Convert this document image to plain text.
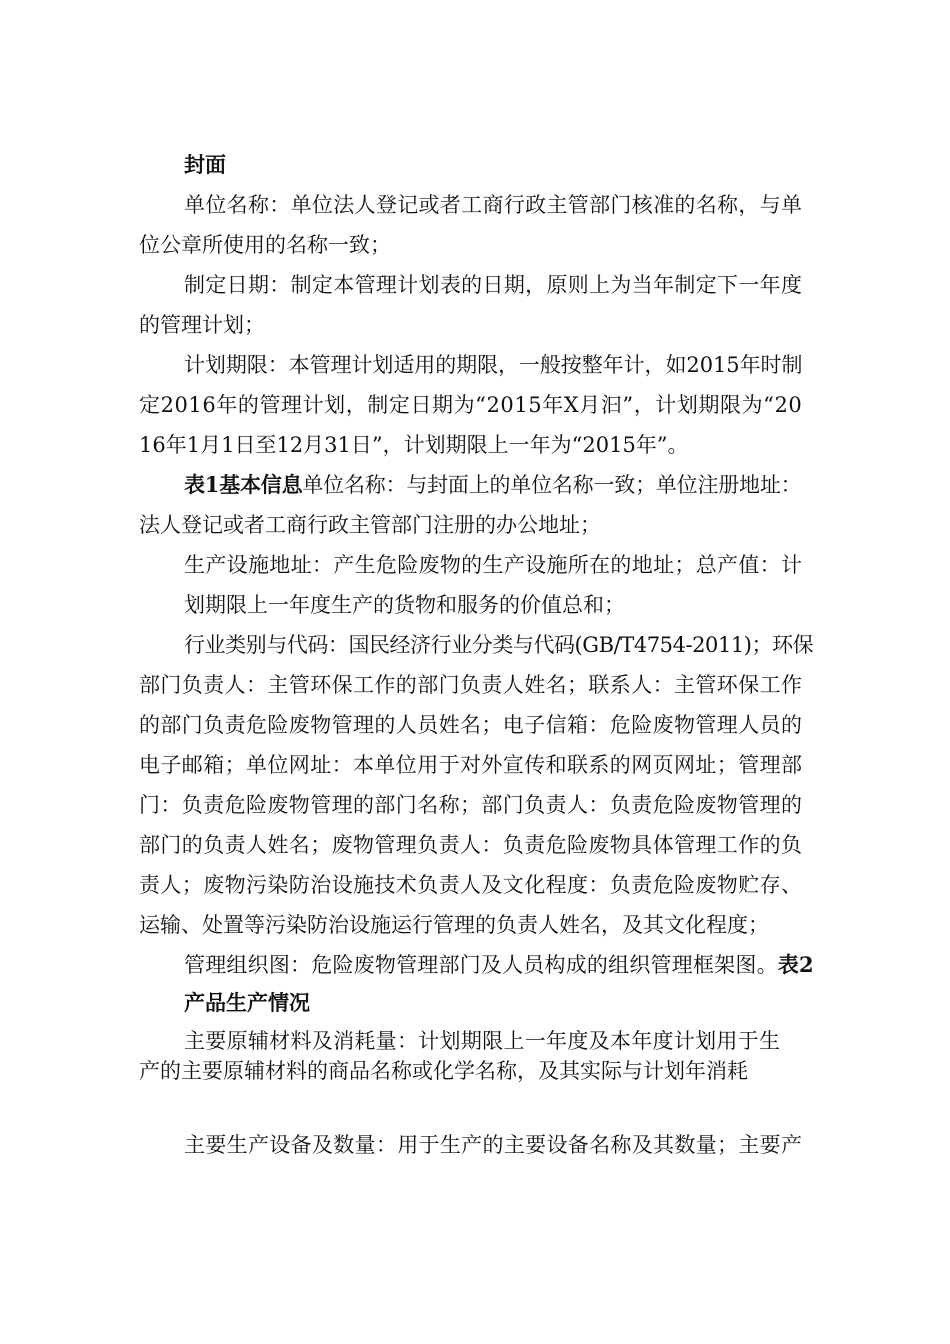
封面
单位名称：单位法人登记或者工商行政主管部门核准的名称，与单
位公章所使用的名称一致；
制定日期：制定本管理计划表的日期，原则上为当年制定下一年度
的管理计划；
计划期限：本管理计划适用的期限，一般按整年计，如2015年时制
定2016年的管理计划，制定日期为“2015年X月汩”，计划期限为“20
16年1月1日至12月31日”，计划期限上一年为“2015年”。
表1基本信息单位名称：与封面上的单位名称一致；单位注册地址：
法人登记或者工商行政主管部门注册的办公地址；
生产设施地址：产生危险废物的生产设施所在的地址；总产值：计
划期限上一年度生产的货物和服务的价值总和；
行业类别与代码：国民经济行业分类与代码(GB/T4754-2011)；环保
部门负责人：主管环保工作的部门负责人姓名；联系人：主管环保工作
的部门负责危险废物管理的人员姓名；电子信箱：危险废物管理人员的
电子邮箱；单位网址：本单位用于对外宣传和联系的网页网址；管理部
门：负责危险废物管理的部门名称；部门负责人：负责危险废物管理的
部门的负责人姓名；废物管理负责人：负责危险废物具体管理工作的负
责人；废物污染防治设施技术负责人及文化程度：负责危险废物贮存、
运输、处置等污染防治设施运行管理的负责人姓名，及其文化程度；
管理组织图：危险废物管理部门及人员构成的组织管理框架图。表2
产品生产情况
主要原辅材料及消耗量：计划期限上一年度及本年度计划用于生
产的主要原辅材料的商品名称或化学名称，及其实际与计划年消耗
主要生产设备及数量：用于生产的主要设备名称及其数量；主要产
